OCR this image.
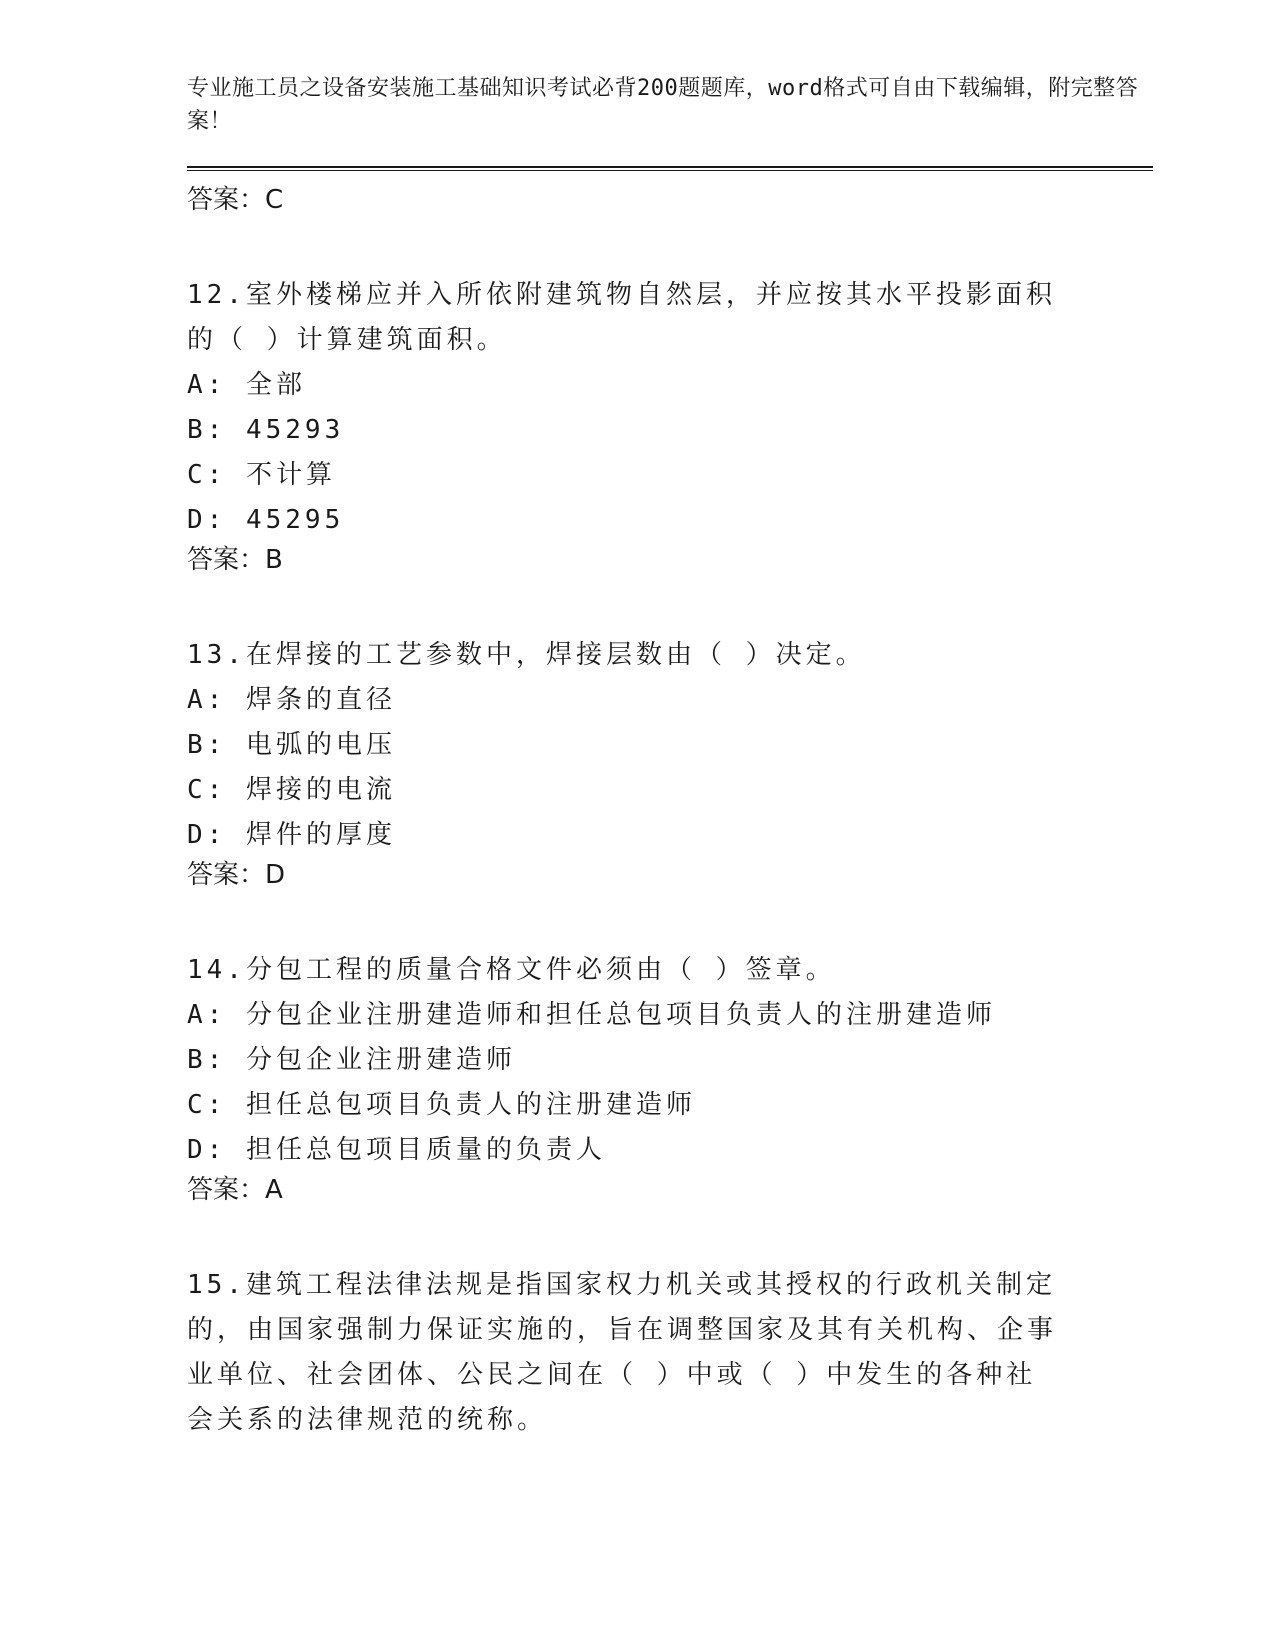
专业施工员之设备安装施工基础知识考试必背200题题库，word格式可自由下载编辑，附完整答案！

答案：C

12.室外楼梯应并入所依附建筑物自然层，并应按其水平投影面积的（ ）计算建筑面积。

A: 全部

B: 45293

C: 不计算

D: 45295

答案：B

13.在焊接的工艺参数中，焊接层数由（ ）决定。

A: 焊条的直径

B: 电弧的电压

C: 焊接的电流

D: 焊件的厚度

答案：D

14.分包工程的质量合格文件必须由（ ）签章。

A: 分包企业注册建造师和担任总包项目负责人的注册建造师

B: 分包企业注册建造师

C: 担任总包项目负责人的注册建造师

D: 担任总包项目质量的负责人

答案：A

15.建筑工程法律法规是指国家权力机关或其授权的行政机关制定的，由国家强制力保证实施的，旨在调整国家及其有关机构、企事业单位、社会团体、公民之间在（ ）中或（ ）中发生的各种社会关系的法律规范的统称。
